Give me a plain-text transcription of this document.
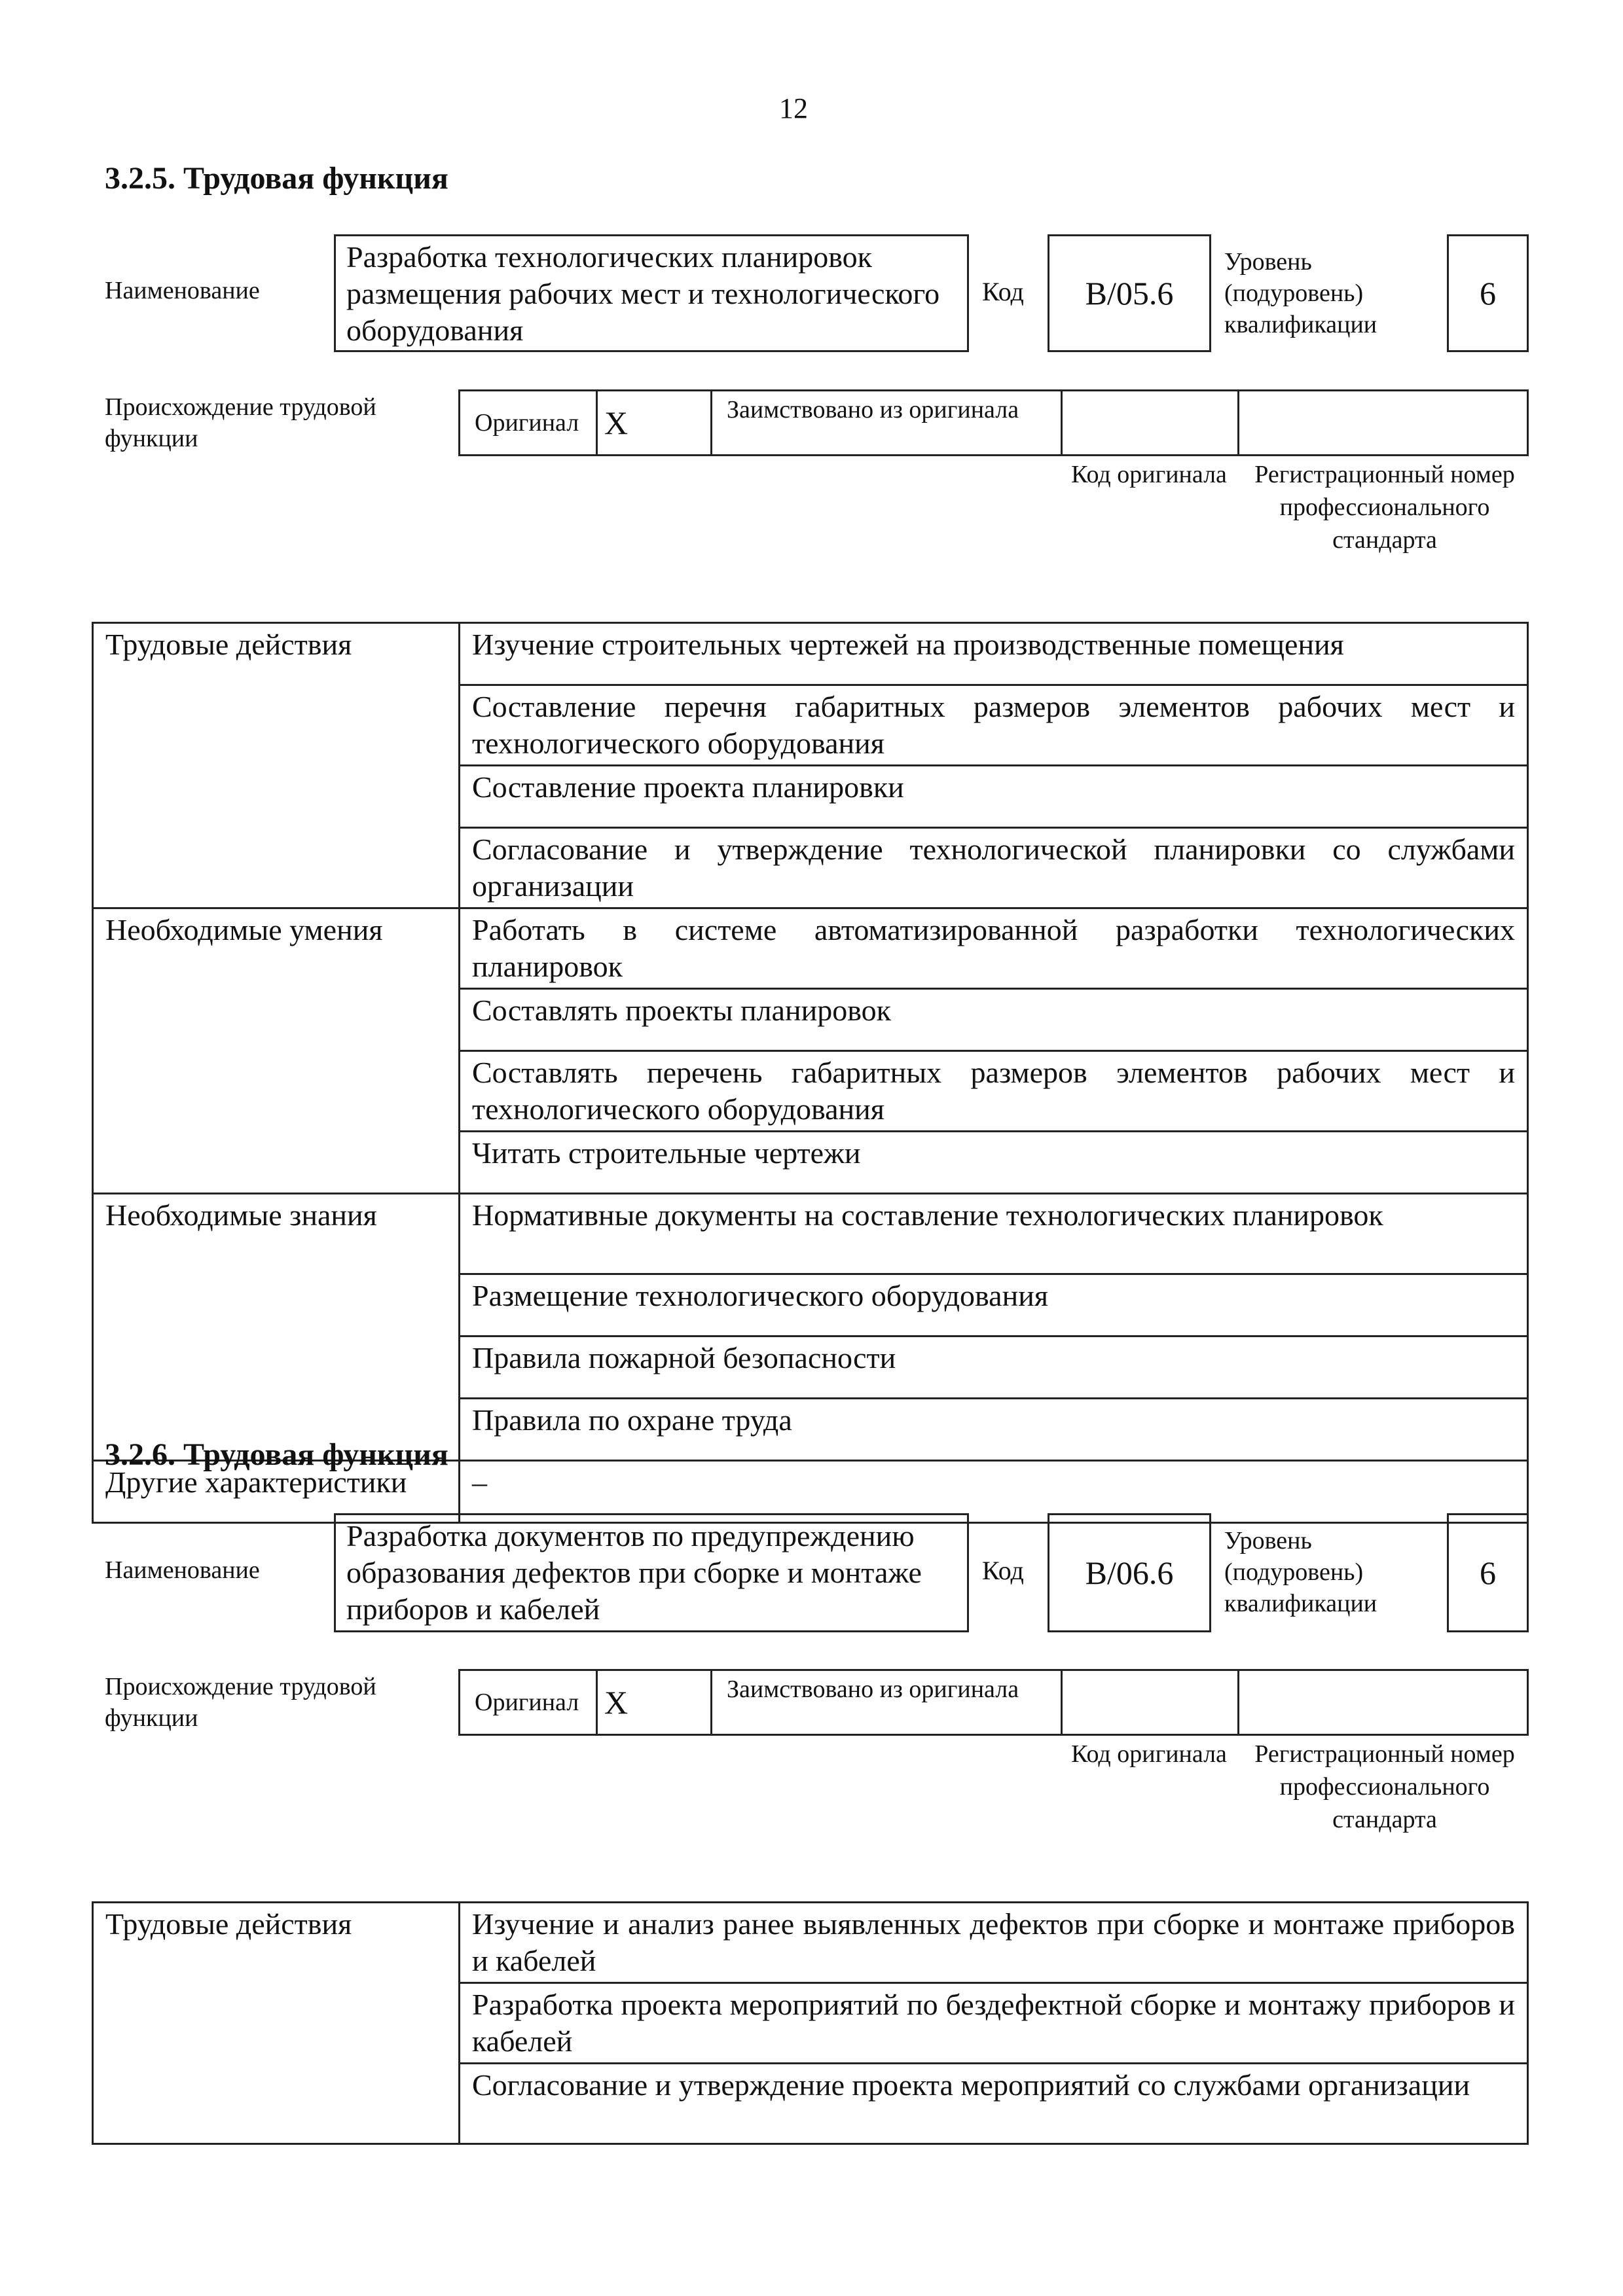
12
3.2.5. Трудовая функция
Наименование
Разработка технологических планировок размещения рабочих мест и технологического оборудования
Код В/05.6
Уровень (подуровень) квалификации
6
Происхождение трудовой функции
Оригинал X	Заимствовано из оригинала
Код оригинала	Регистрационный номер профессионального стандарта
Трудовые действия	Изучение строительных чертежей на производственные помещения
	Составление перечня габаритных размеров элементов рабочих мест и технологического оборудования
	Составление проекта планировки
	Согласование и утверждение технологической планировки со службами организации
Необходимые умения	Работать в системе автоматизированной разработки технологических планировок
	Составлять проекты планировок
	Составлять перечень габаритных размеров элементов рабочих мест и технологического оборудования
	Читать строительные чертежи
Необходимые знания	Нормативные документы на составление технологических планировок
	Размещение технологического оборудования
	Правила пожарной безопасности
	Правила по охране труда
Другие характеристики	–
3.2.6. Трудовая функция
Наименование
Разработка документов по предупреждению образования дефектов при сборке и монтаже приборов и кабелей
Код В/06.6
Уровень (подуровень) квалификации
6
Происхождение трудовой функции
Оригинал X	Заимствовано из оригинала
Код оригинала	Регистрационный номер профессионального стандарта
Трудовые действия	Изучение и анализ ранее выявленных дефектов при сборке и монтаже приборов и кабелей
	Разработка проекта мероприятий по бездефектной сборке и монтажу приборов и кабелей
	Согласование и утверждение проекта мероприятий со службами организации
